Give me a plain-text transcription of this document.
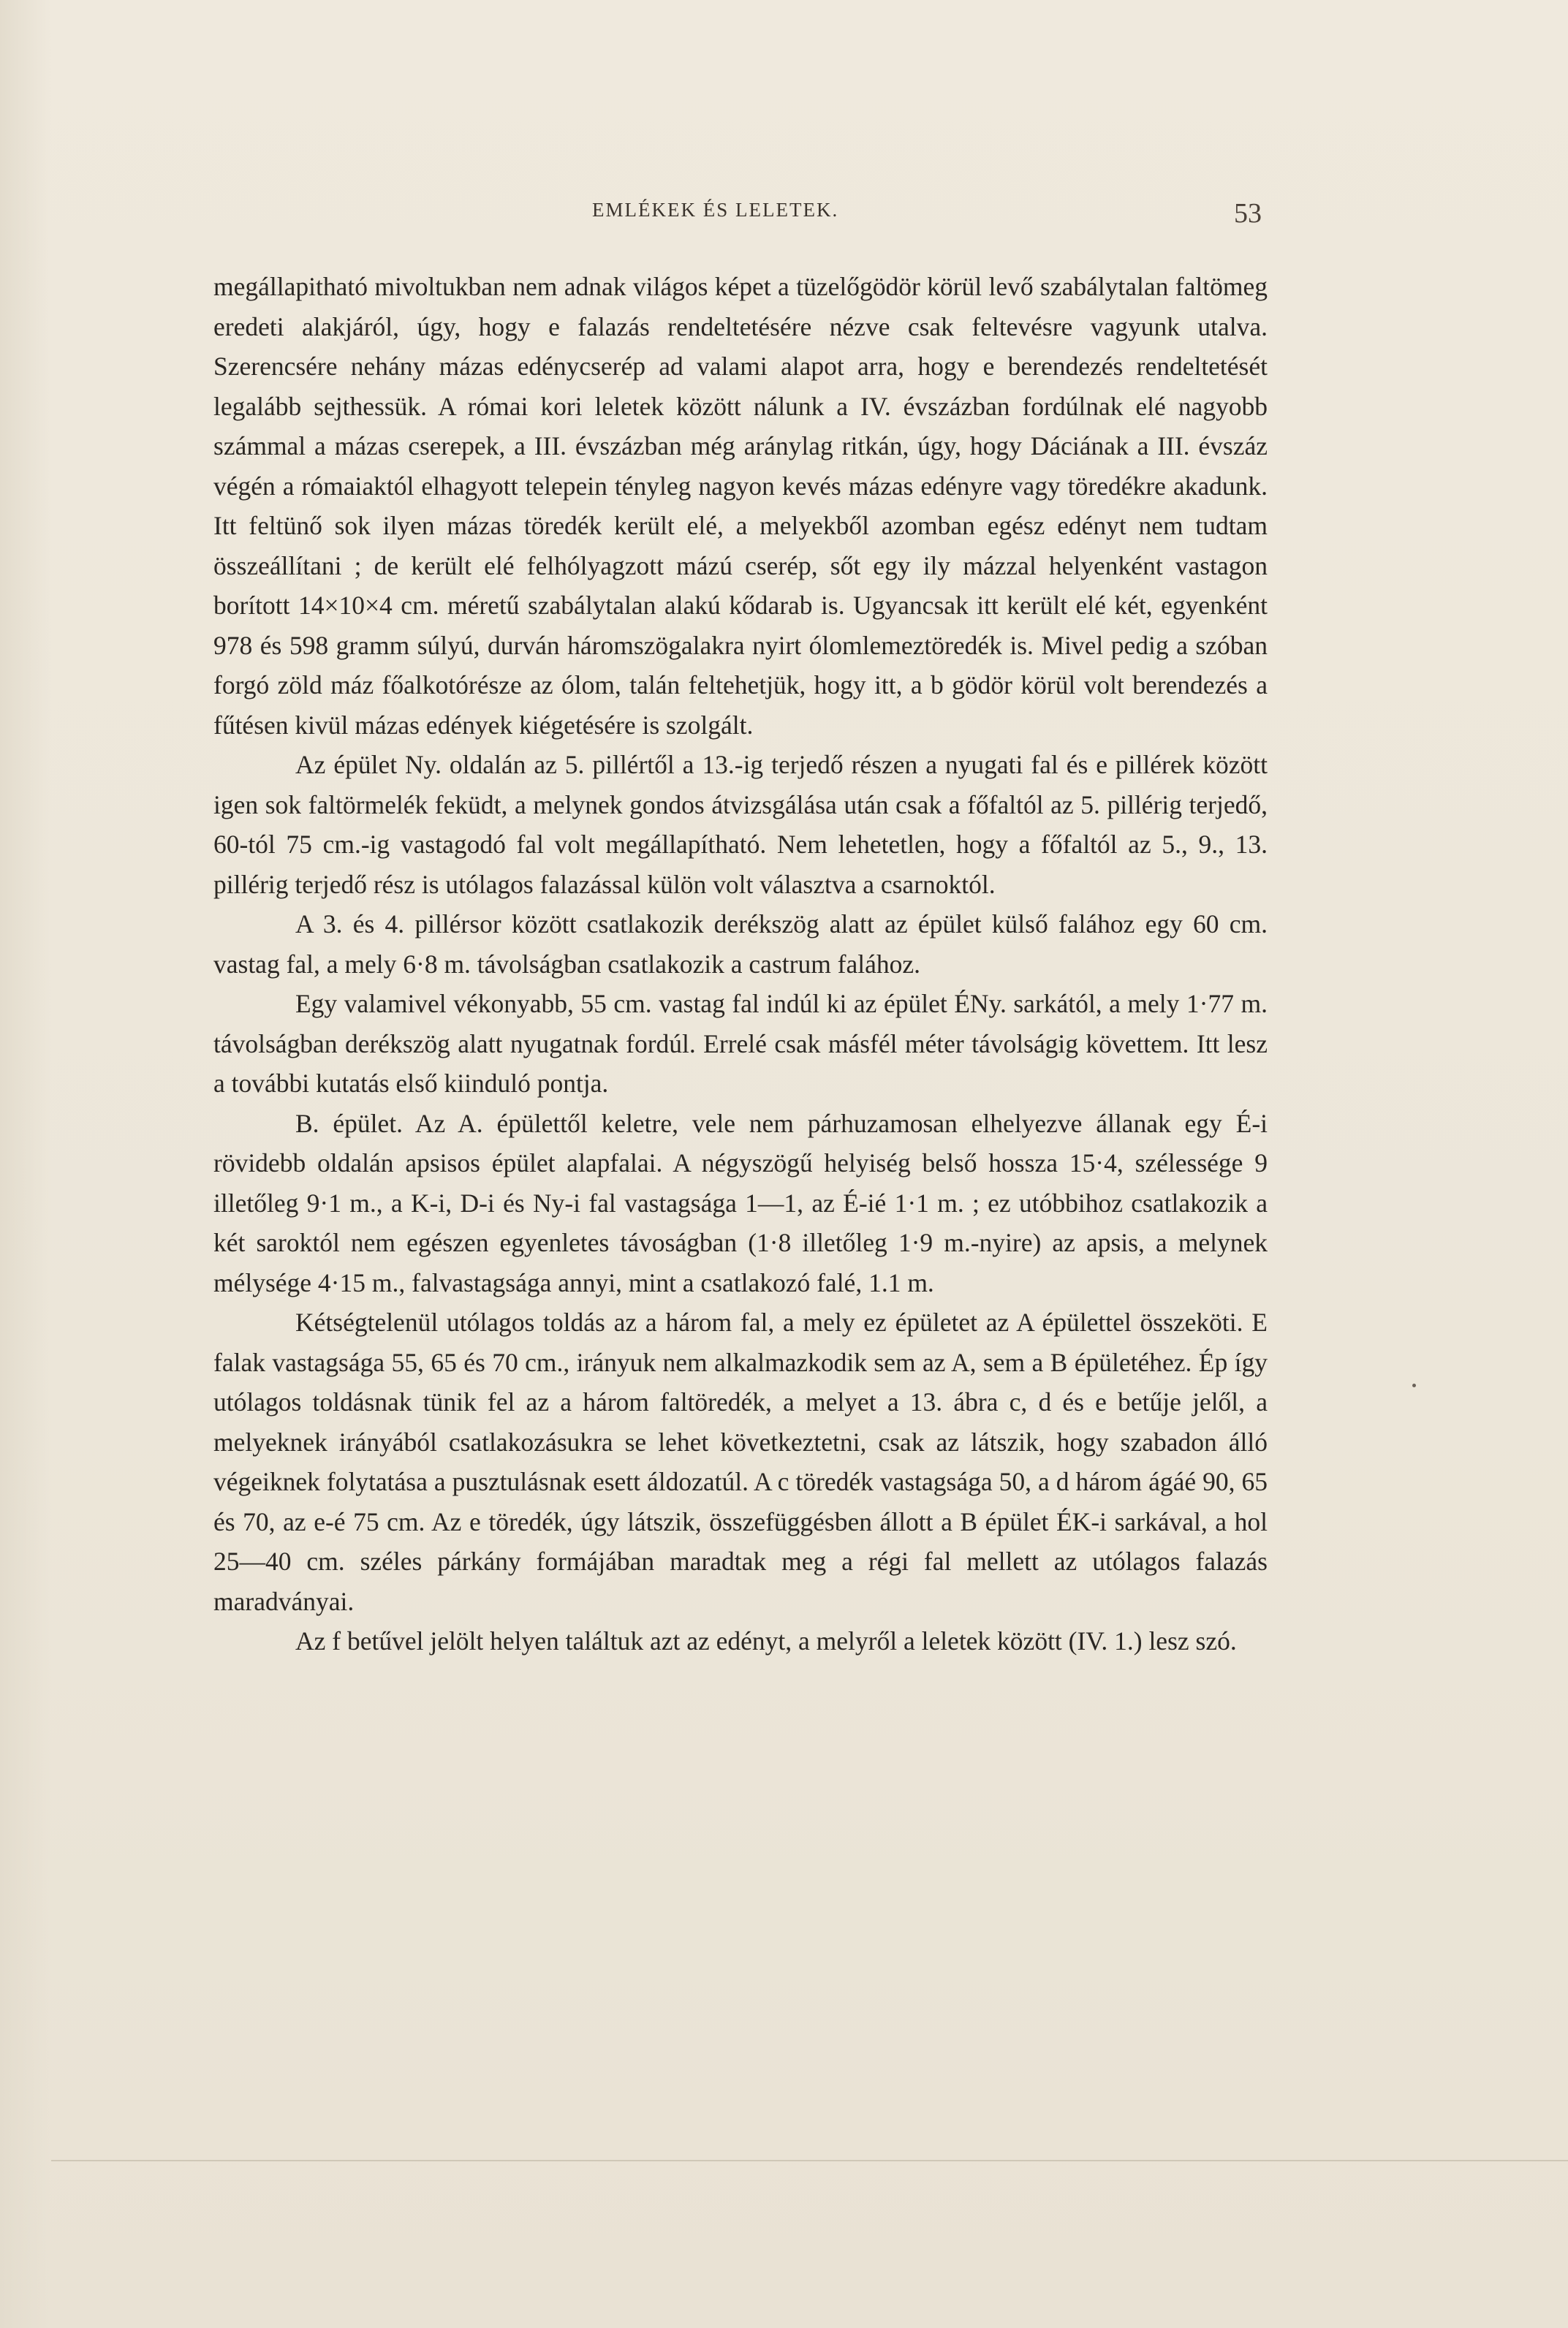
EMLÉKEK ÉS LELETEK.	53

megállapitható mivoltukban nem adnak világos képet a tüzelőgödör körül levő szabálytalan faltömeg eredeti alakjáról, úgy, hogy e falazás rendeltetésére nézve csak feltevésre vagyunk utalva. Szerencsére nehány mázas edénycserép ad valami alapot arra, hogy e berendezés rendeltetését legalább sejthessük. A római kori leletek között nálunk a IV. évszázban fordúlnak elé nagyobb számmal a mázas cserepek, a III. évszázban még aránylag ritkán, úgy, hogy Dáciának a III. évszáz végén a rómaiaktól elhagyott telepein tényleg nagyon kevés mázas edényre vagy töredékre akadunk. Itt feltünő sok ilyen mázas töredék került elé, a melyekből azomban egész edényt nem tudtam összeállítani ; de került elé felhólyagzott mázú cserép, sőt egy ily mázzal helyenként vastagon borított 14×10×4 cm. méretű szabálytalan alakú kődarab is. Ugyancsak itt került elé két, egyenként 978 és 598 gramm súlyú, durván háromszögalakra nyirt ólomlemeztöredék is. Mivel pedig a szóban forgó zöld máz főalkotórésze az ólom, talán feltehetjük, hogy itt, a b gödör körül volt berendezés a fűtésen kivül mázas edények kiégetésére is szolgált.

Az épület Ny. oldalán az 5. pillértől a 13.-ig terjedő részen a nyugati fal és e pillérek között igen sok faltörmelék feküdt, a melynek gondos átvizsgálása után csak a főfaltól az 5. pillérig terjedő, 60-tól 75 cm.-ig vastagodó fal volt megállapítható. Nem lehetetlen, hogy a főfaltól az 5., 9., 13. pillérig terjedő rész is utólagos falazással külön volt választva a csarnoktól.

A 3. és 4. pillérsor között csatlakozik derékszög alatt az épület külső falához egy 60 cm. vastag fal, a mely 6·8 m. távolságban csatlakozik a castrum falához.

Egy valamivel vékonyabb, 55 cm. vastag fal indúl ki az épület ÉNy. sarkától, a mely 1·77 m. távolságban derékszög alatt nyugatnak fordúl. Errelé csak másfél méter távolságig követtem. Itt lesz a további kutatás első kiinduló pontja.

B. épület. Az A. épülettől keletre, vele nem párhuzamosan elhelyezve állanak egy É-i rövidebb oldalán apsisos épület alapfalai. A négyszögű helyiség belső hossza 15·4, szélessége 9 illetőleg 9·1 m., a K-i, D-i és Ny-i fal vastagsága 1—1, az É-ié 1·1 m. ; ez utóbbihoz csatlakozik a két saroktól nem egészen egyenletes távoságban (1·8 illetőleg 1·9 m.-nyire) az apsis, a melynek mélysége 4·15 m., falvastagsága annyi, mint a csatlakozó falé, 1.1 m.

Kétségtelenül utólagos toldás az a három fal, a mely ez épületet az A épülettel összeköti. E falak vastagsága 55, 65 és 70 cm., irányuk nem alkalmazkodik sem az A, sem a B épületéhez. Ép így utólagos toldásnak tünik fel az a három faltöredék, a melyet a 13. ábra c, d és e betűje jelől, a melyeknek irányából csatlakozásukra se lehet következtetni, csak az látszik, hogy szabadon álló végeiknek folytatása a pusztulásnak esett áldozatúl. A c töredék vastagsága 50, a d három ágáé 90, 65 és 70, az e-é 75 cm. Az e töredék, úgy látszik, összefüggésben állott a B épület ÉK-i sarkával, a hol 25—40 cm. széles párkány formájában maradtak meg a régi fal mellett az utólagos falazás maradványai.

Az f betűvel jelölt helyen találtuk azt az edényt, a melyről a leletek között (IV. 1.) lesz szó.
